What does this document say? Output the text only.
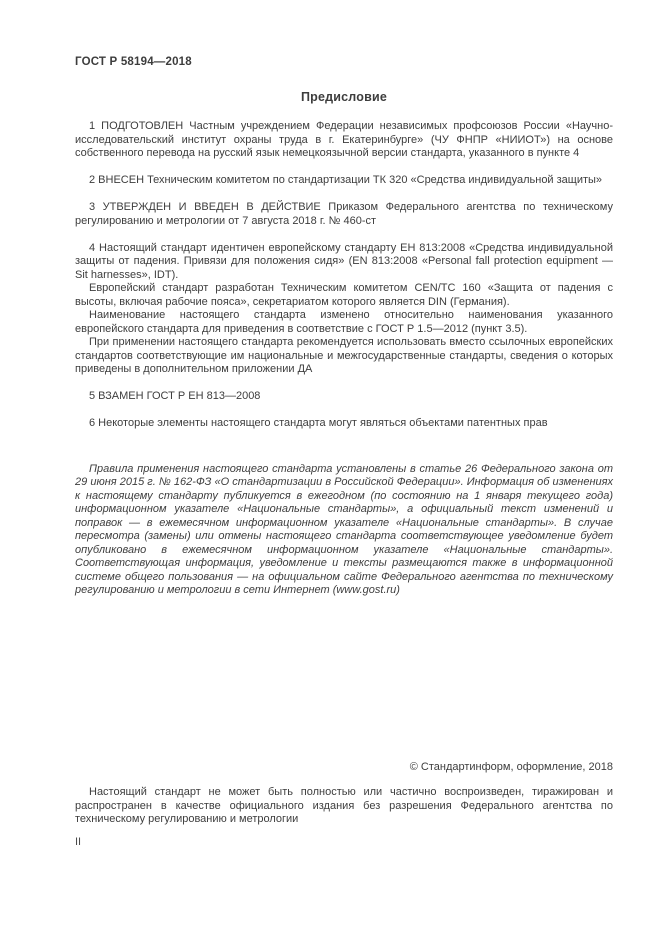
ГОСТ Р 58194—2018
Предисловие

1 ПОДГОТОВЛЕН Частным учреждением Федерации независимых профсоюзов России «Научно-исследовательский институт охраны труда в г. Екатеринбурге» (ЧУ ФНПР «НИИОТ») на основе собственного перевода на русский язык немецкоязычной версии стандарта, указанного в пункте 4

2 ВНЕСЕН Техническим комитетом по стандартизации ТК 320 «Средства индивидуальной защиты»

3 УТВЕРЖДЕН И ВВЕДЕН В ДЕЙСТВИЕ Приказом Федерального агентства по техническому регулированию и метрологии от 7 августа 2018 г. № 460-ст

4 Настоящий стандарт идентичен европейскому стандарту ЕН 813:2008 «Средства индивидуальной защиты от падения. Привязи для положения сидя» (EN 813:2008 «Personal fall protection equipment — Sit harnesses», IDT).

Европейский стандарт разработан Техническим комитетом CEN/TC 160 «Защита от падения с высоты, включая рабочие пояса», секретариатом которого является DIN (Германия).

Наименование настоящего стандарта изменено относительно наименования указанного европейского стандарта для приведения в соответствие с ГОСТ Р 1.5—2012 (пункт 3.5).

При применении настоящего стандарта рекомендуется использовать вместо ссылочных европейских стандартов соответствующие им национальные и межгосударственные стандарты, сведения о которых приведены в дополнительном приложении ДА

5 ВЗАМЕН ГОСТ Р ЕН 813—2008

6 Некоторые элементы настоящего стандарта могут являться объектами патентных прав

Правила применения настоящего стандарта установлены в статье 26 Федерального закона от 29 июня 2015 г. № 162-ФЗ «О стандартизации в Российской Федерации». Информация об изменениях к настоящему стандарту публикуется в ежегодном (по состоянию на 1 января текущего года) информационном указателе «Национальные стандарты», а официальный текст изменений и поправок — в ежемесячном информационном указателе «Национальные стандарты». В случае пересмотра (замены) или отмены настоящего стандарта соответствующее уведомление будет опубликовано в ежемесячном информационном указателе «Национальные стандарты». Соответствующая информация, уведомление и тексты размещаются также в информационной системе общего пользования — на официальном сайте Федерального агентства по техническому регулированию и метрологии в сети Интернет (www.gost.ru)

© Стандартинформ, оформление, 2018

Настоящий стандарт не может быть полностью или частично воспроизведен, тиражирован и распространен в качестве официального издания без разрешения Федерального агентства по техническому регулированию и метрологии

II
